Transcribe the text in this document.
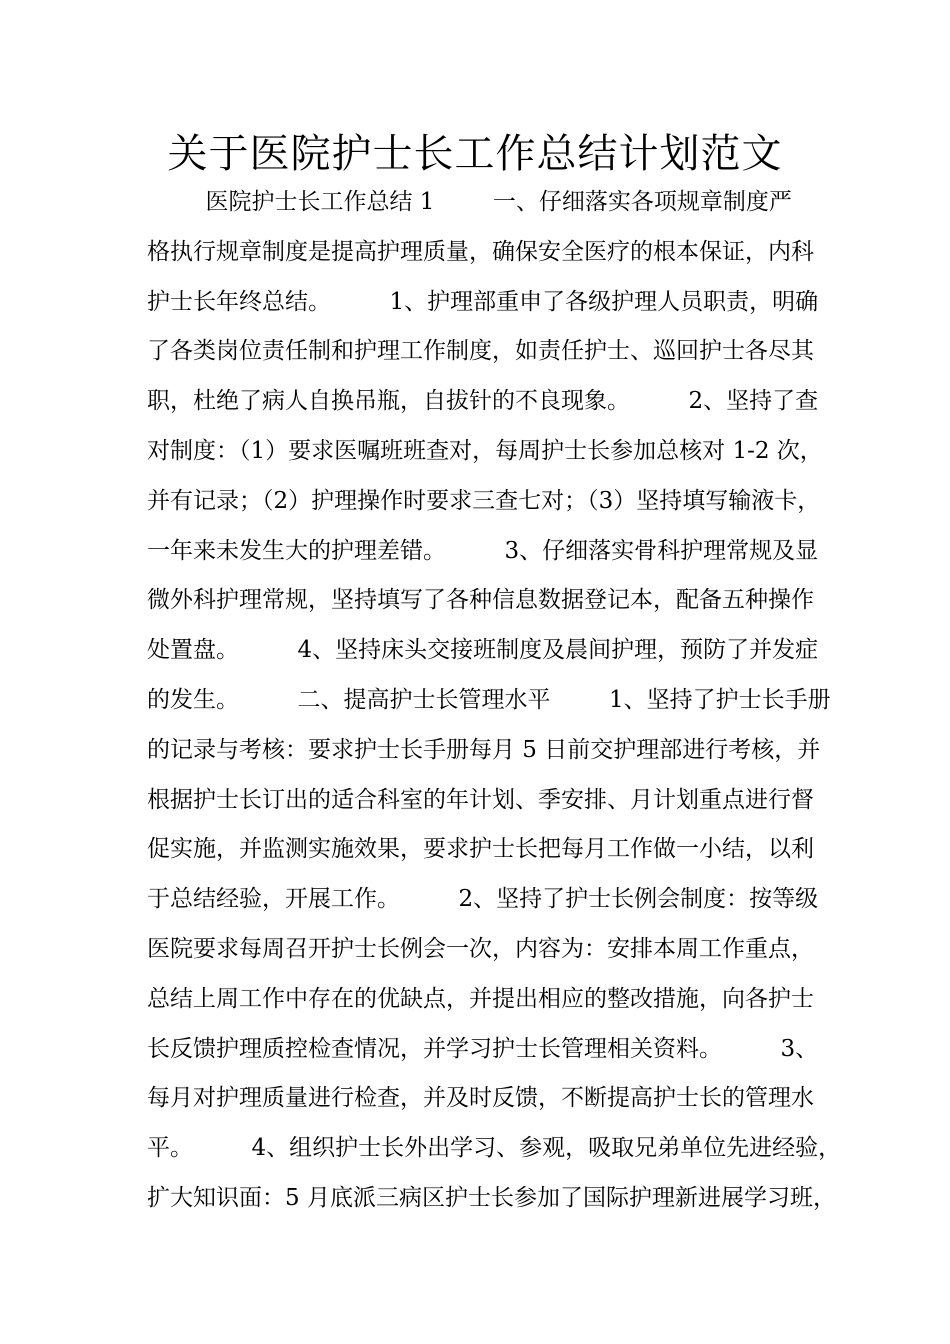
关于医院护士长工作总结计划范文
医院护士长工作总结 1        一、仔细落实各项规章制度严
格执行规章制度是提高护理质量，确保安全医疗的根本保证，内科
护士长年终总结。        1、护理部重申了各级护理人员职责，明确
了各类岗位责任制和护理工作制度，如责任护士、巡回护士各尽其
职，杜绝了病人自换吊瓶，自拔针的不良现象。        2、坚持了查
对制度：（1）要求医嘱班班查对，每周护士长参加总核对 1-2 次，
并有记录；（2）护理操作时要求三查七对；（3）坚持填写输液卡，
一年来未发生大的护理差错。        3、仔细落实骨科护理常规及显
微外科护理常规，坚持填写了各种信息数据登记本，配备五种操作
处置盘。        4、坚持床头交接班制度及晨间护理，预防了并发症
的发生。        二、提高护士长管理水平        1、坚持了护士长手册
的记录与考核：要求护士长手册每月 5 日前交护理部进行考核，并
根据护士长订出的适合科室的年计划、季安排、月计划重点进行督
促实施，并监测实施效果，要求护士长把每月工作做一小结，以利
于总结经验，开展工作。        2、坚持了护士长例会制度：按等级
医院要求每周召开护士长例会一次，内容为：安排本周工作重点，
总结上周工作中存在的优缺点，并提出相应的整改措施，向各护士
长反馈护理质控检查情况，并学习护士长管理相关资料。        3、
每月对护理质量进行检查，并及时反馈，不断提高护士长的管理水
平。        4、组织护士长外出学习、参观，吸取兄弟单位先进经验，
扩大知识面：5 月底派三病区护士长参加了国际护理新进展学习班，
